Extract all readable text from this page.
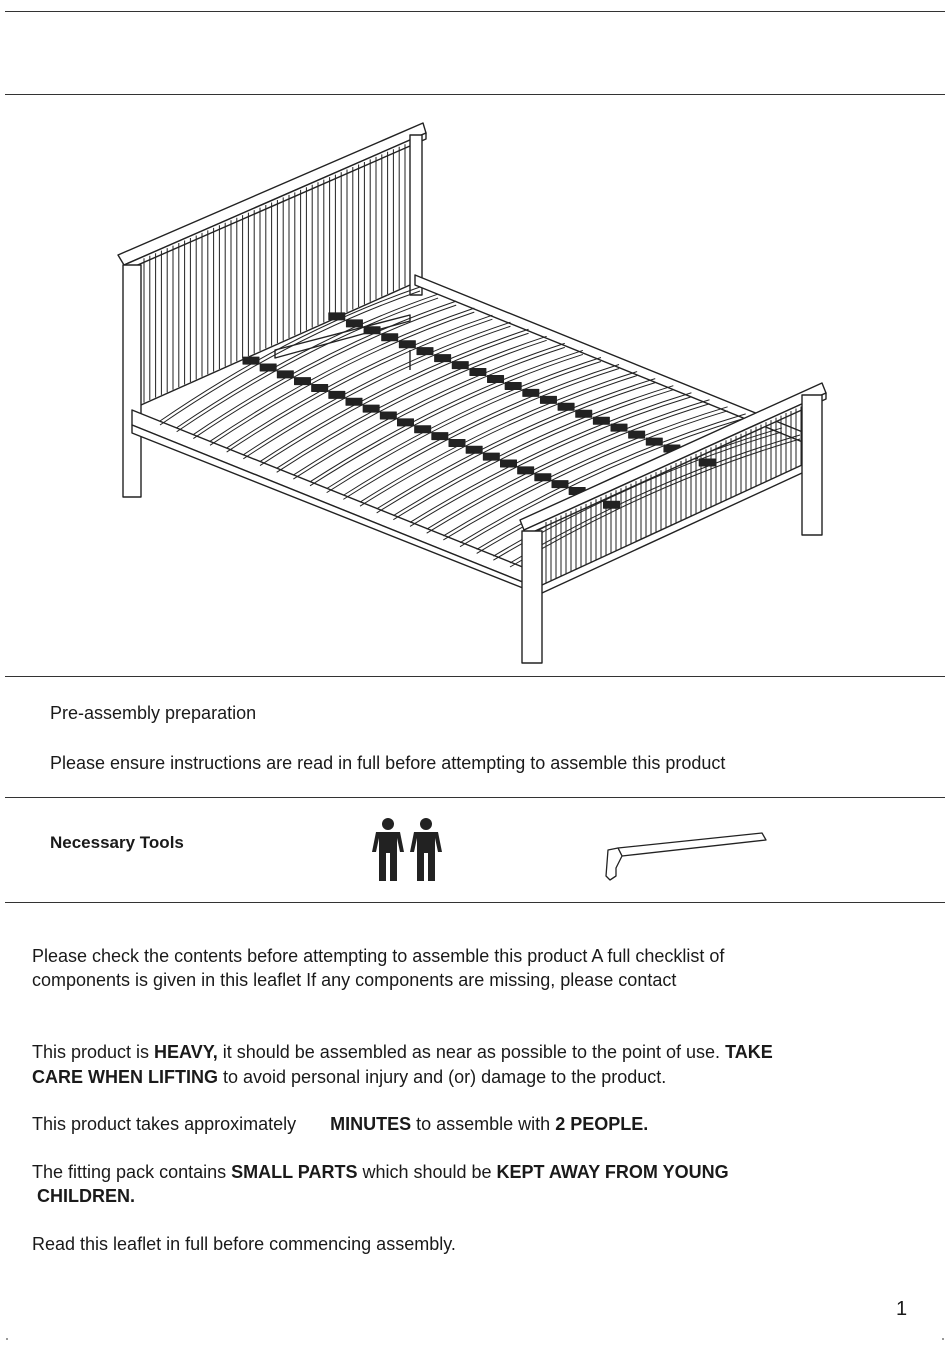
Pre-assembly preparation
Please ensure instructions are read in full before attempting to assemble this product
Necessary Tools
Please check the contents before attempting to assemble this product A full checklist of
components is given in this leaflet If any components are missing, please contact
This product is HEAVY, it should be assembled as near as possible to the point of use. TAKE
CARE WHEN LIFTING to avoid personal injury and (or) damage to the product.
This product takes approximately MINUTES to assemble with 2 PEOPLE.
The fitting pack contains SMALL PARTS which should be KEPT AWAY FROM YOUNG
CHILDREN.
Read this leaflet in full before commencing assembly.
1
